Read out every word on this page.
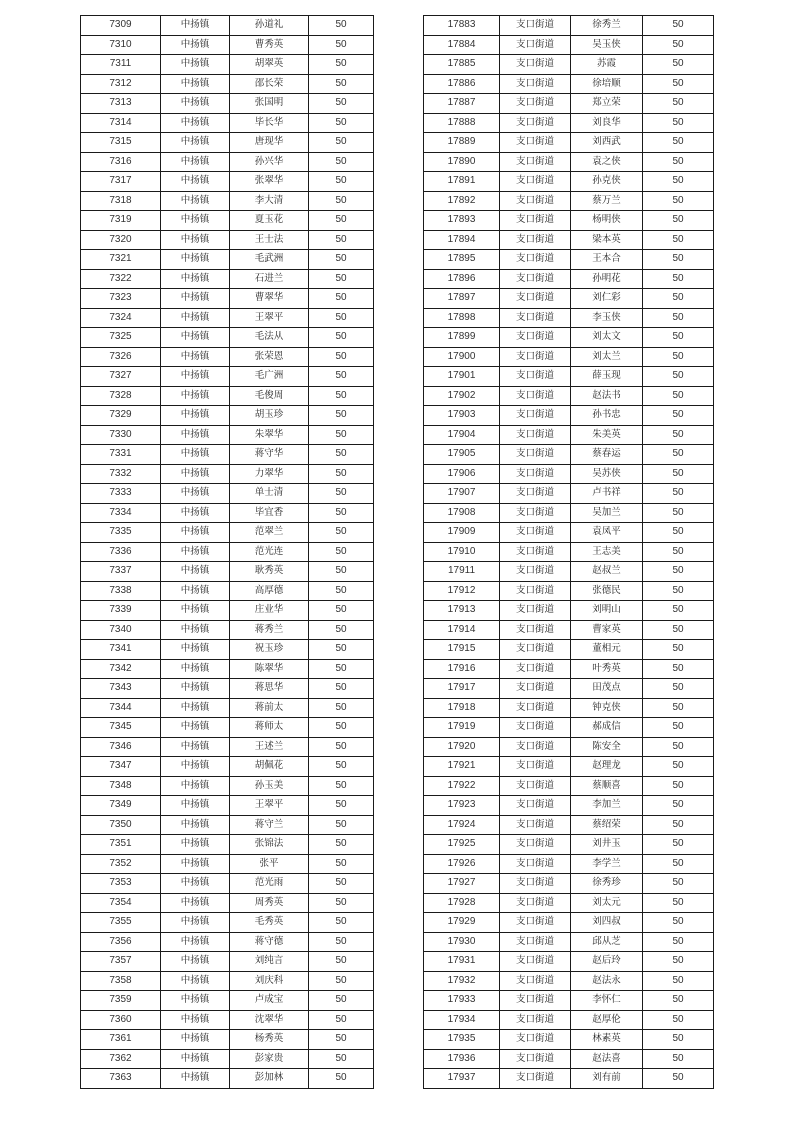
7309	中扬镇	孙道礼	50
7310	中扬镇	曹秀英	50
7311	中扬镇	胡翠英	50
7312	中扬镇	邵长荣	50
7313	中扬镇	张国明	50
7314	中扬镇	毕长华	50
7315	中扬镇	唐现华	50
7316	中扬镇	孙兴华	50
7317	中扬镇	张翠华	50
7318	中扬镇	李大清	50
7319	中扬镇	夏玉花	50
7320	中扬镇	王士法	50
7321	中扬镇	毛武洲	50
7322	中扬镇	石进兰	50
7323	中扬镇	曹翠华	50
7324	中扬镇	王翠平	50
7325	中扬镇	毛法从	50
7326	中扬镇	张荣恩	50
7327	中扬镇	毛广洲	50
7328	中扬镇	毛俊周	50
7329	中扬镇	胡玉珍	50
7330	中扬镇	朱翠华	50
7331	中扬镇	蒋守华	50
7332	中扬镇	力翠华	50
7333	中扬镇	单士清	50
7334	中扬镇	毕宜香	50
7335	中扬镇	范翠兰	50
7336	中扬镇	范光连	50
7337	中扬镇	耿秀英	50
7338	中扬镇	高厚德	50
7339	中扬镇	庄业华	50
7340	中扬镇	蒋秀兰	50
7341	中扬镇	祝玉珍	50
7342	中扬镇	陈翠华	50
7343	中扬镇	蒋思华	50
7344	中扬镇	蒋前太	50
7345	中扬镇	蒋师太	50
7346	中扬镇	王述兰	50
7347	中扬镇	胡佩花	50
7348	中扬镇	孙玉美	50
7349	中扬镇	王翠平	50
7350	中扬镇	蒋守兰	50
7351	中扬镇	张锦法	50
7352	中扬镇	张平	50
7353	中扬镇	范光雨	50
7354	中扬镇	周秀英	50
7355	中扬镇	毛秀英	50
7356	中扬镇	蒋守德	50
7357	中扬镇	刘纯言	50
7358	中扬镇	刘庆科	50
7359	中扬镇	卢成宝	50
7360	中扬镇	沈翠华	50
7361	中扬镇	杨秀英	50
7362	中扬镇	彭家贵	50
7363	中扬镇	彭加林	50
17883	支口街道	徐秀兰	50
17884	支口街道	吴玉侠	50
17885	支口街道	苏霞	50
17886	支口街道	徐培顺	50
17887	支口街道	郑立荣	50
17888	支口街道	刘良华	50
17889	支口街道	刘西武	50
17890	支口街道	袁之侠	50
17891	支口街道	孙克侠	50
17892	支口街道	蔡万兰	50
17893	支口街道	杨明侠	50
17894	支口街道	梁本英	50
17895	支口街道	王本合	50
17896	支口街道	孙明花	50
17897	支口街道	刘仁彩	50
17898	支口街道	李玉侠	50
17899	支口街道	刘太文	50
17900	支口街道	刘太兰	50
17901	支口街道	薛玉现	50
17902	支口街道	赵法书	50
17903	支口街道	孙书忠	50
17904	支口街道	朱美英	50
17905	支口街道	蔡春运	50
17906	支口街道	吴苏侠	50
17907	支口街道	卢书祥	50
17908	支口街道	吴加兰	50
17909	支口街道	袁凤平	50
17910	支口街道	王志美	50
17911	支口街道	赵叔兰	50
17912	支口街道	张德民	50
17913	支口街道	刘明山	50
17914	支口街道	曹家英	50
17915	支口街道	董相元	50
17916	支口街道	叶秀英	50
17917	支口街道	田茂点	50
17918	支口街道	钟克侠	50
17919	支口街道	郝成信	50
17920	支口街道	陈安全	50
17921	支口街道	赵理龙	50
17922	支口街道	蔡顺喜	50
17923	支口街道	李加兰	50
17924	支口街道	蔡绍荣	50
17925	支口街道	刘井玉	50
17926	支口街道	李学兰	50
17927	支口街道	徐秀珍	50
17928	支口街道	刘太元	50
17929	支口街道	刘四叔	50
17930	支口街道	邱从芝	50
17931	支口街道	赵后玲	50
17932	支口街道	赵法永	50
17933	支口街道	李怀仁	50
17934	支口街道	赵厚伦	50
17935	支口街道	林素英	50
17936	支口街道	赵法喜	50
17937	支口街道	刘有前	50
